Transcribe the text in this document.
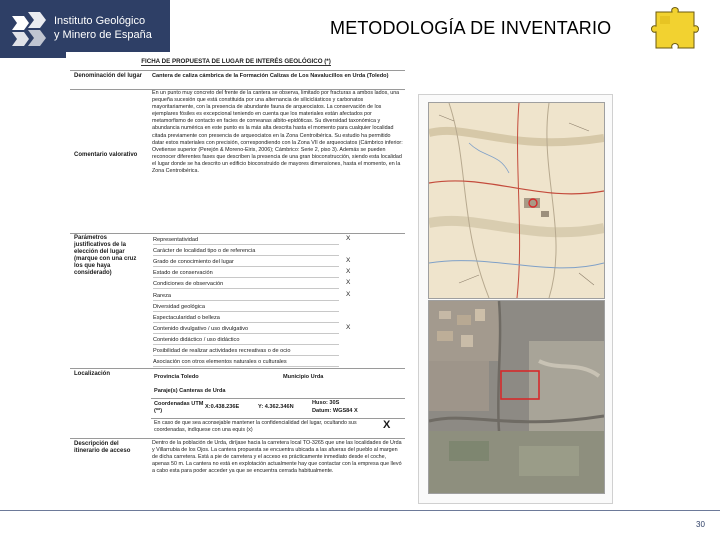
Instituto Geológico
y Minero de España	METODOLOGÍA DE INVENTARIO
FICHA DE PROPUESTA DE LUGAR DE INTERÉS GEOLÓGICO (*)
Denominación del lugar	Cantera de caliza cámbrica de la Formación Calizas de Los Navalucillos en Urda (Toledo)
Comentario valorativo
En un punto muy concreto del frente de la cantera se observa, limitado por fracturas a ambos lados, una pequeña sucesión que está constituida por una alternancia de siliciclásticos y carbonatos mayoritariamente, con la presencia de abundante fauna de arqueociatos. La conservación de los ejemplares fósiles es excepcional teniendo en cuenta que los materiales están afectados por metamorfismo de contacto en facies de corneanas albito-epidóticas. Su diversidad taxonómica y abundancia numérica en este punto es la más alta descrita hasta el momento para cualquier localidad citada previamente con presencia de arqueociatos en la Zona Centroibérica. Su estudio ha permitido datar estos materiales con precisión, correspondiendo con la Zona VII de arqueociatos (Cámbrico inferior: Ovetiense superior (Perejón & Moreno-Eiris, 2006); Cámbrico: Serie 2, piso 3). Además se pueden reconocer diferentes fases que describen la presencia de una gran bioconstrucción, siendo esta localidad el lugar donde se ha descrito un edificio bioconstruido de mayores dimensiones, hasta el momento, en la Zona Centroibérica.
Parámetros justificativos de la elección del lugar (marque con una cruz los que haya considerado)
Representatividad	X
Carácter de localidad tipo o de referencia
Grado de conocimiento del lugar	X
Estado de conservación	X
Condiciones de observación	X
Rareza	X
Diversidad geológica
Espectacularidad o belleza
Contenido divulgativo / uso divulgativo	X
Contenido didáctico / uso didáctico
Posibilidad de realizar actividades recreativas o de ocio
Asociación con otros elementos naturales o culturales
Localización	Provincia Toledo	Municipio Urda
Paraje(s) Canteras de Urda
Coordenadas UTM (**)
X:0.438.236E	Y: 4.362.346N
Huso: 30S
Datum: WGS84 X
En caso de que sea aconsejable mantener la confidencialidad del lugar, ocultando sus coordenadas, indíquese con una equis (x)	X
Descripción del itinerario de acceso
Dentro de la población de Urda, diríjase hacia la carretera local TO-3265 que une las localidades de Urda y Villarrubia de los Ojos. La cantera propuesta se encuentra ubicada a las afueras del pueblo al margen de dicha carretera. Está a pie de carretera y el acceso es prácticamente inmediato desde el coche, apenas 50 m. La cantera no está en explotación actualmente hay que contactar con la empresa que llevó a cabo esta para poder acceder ya que se encuentra cerrada habitualmente.
30
